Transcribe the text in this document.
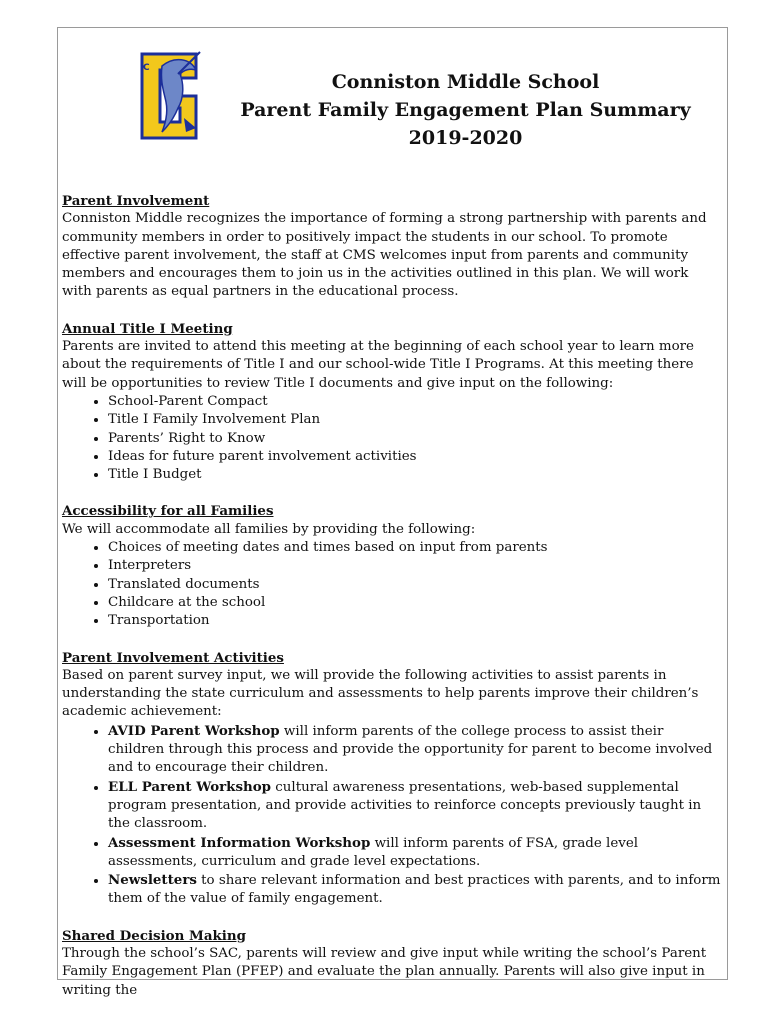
C
Conniston Middle School
Parent Family Engagement Plan Summary
2019-2020
Parent Involvement

Conniston Middle recognizes the importance of forming a strong partnership with parents and community members in order to positively impact the students in our school. To promote effective parent involvement, the staff at CMS welcomes input from parents and community members and encourages them to join us in the activities outlined in this plan. We will work with parents as equal partners in the educational process.

Annual Title I Meeting

Parents are invited to attend this meeting at the beginning of each school year to learn more about the requirements of Title I and our school-wide Title I Programs. At this meeting there will be opportunities to review Title I documents and give input on the following:

• School-Parent Compact
• Title I Family Involvement Plan
• Parents’ Right to Know
• Ideas for future parent involvement activities
• Title I Budget
Accessibility for all Families

We will accommodate all families by providing the following:

• Choices of meeting dates and times based on input from parents
• Interpreters
• Translated documents
• Childcare at the school
• Transportation
Parent Involvement Activities

Based on parent survey input, we will provide the following activities to assist parents in understanding the state curriculum and assessments to help parents improve their children’s academic achievement:

• AVID Parent Workshop will inform parents of the college process to assist their children through this process and provide the opportunity for parent to become involved and to encourage their children.
• ELL Parent Workshop cultural awareness presentations, web-based supplemental program presentation, and provide activities to reinforce concepts previously taught in the classroom.
• Assessment Information Workshop will inform parents of FSA, grade level assessments, curriculum and grade level expectations.
• Newsletters to share relevant information and best practices with parents, and to inform them of the value of family engagement.
Shared Decision Making

Through the school’s SAC, parents will review and give input while writing the school’s Parent Family Engagement Plan (PFEP) and evaluate the plan annually. Parents will also give input in writing the
